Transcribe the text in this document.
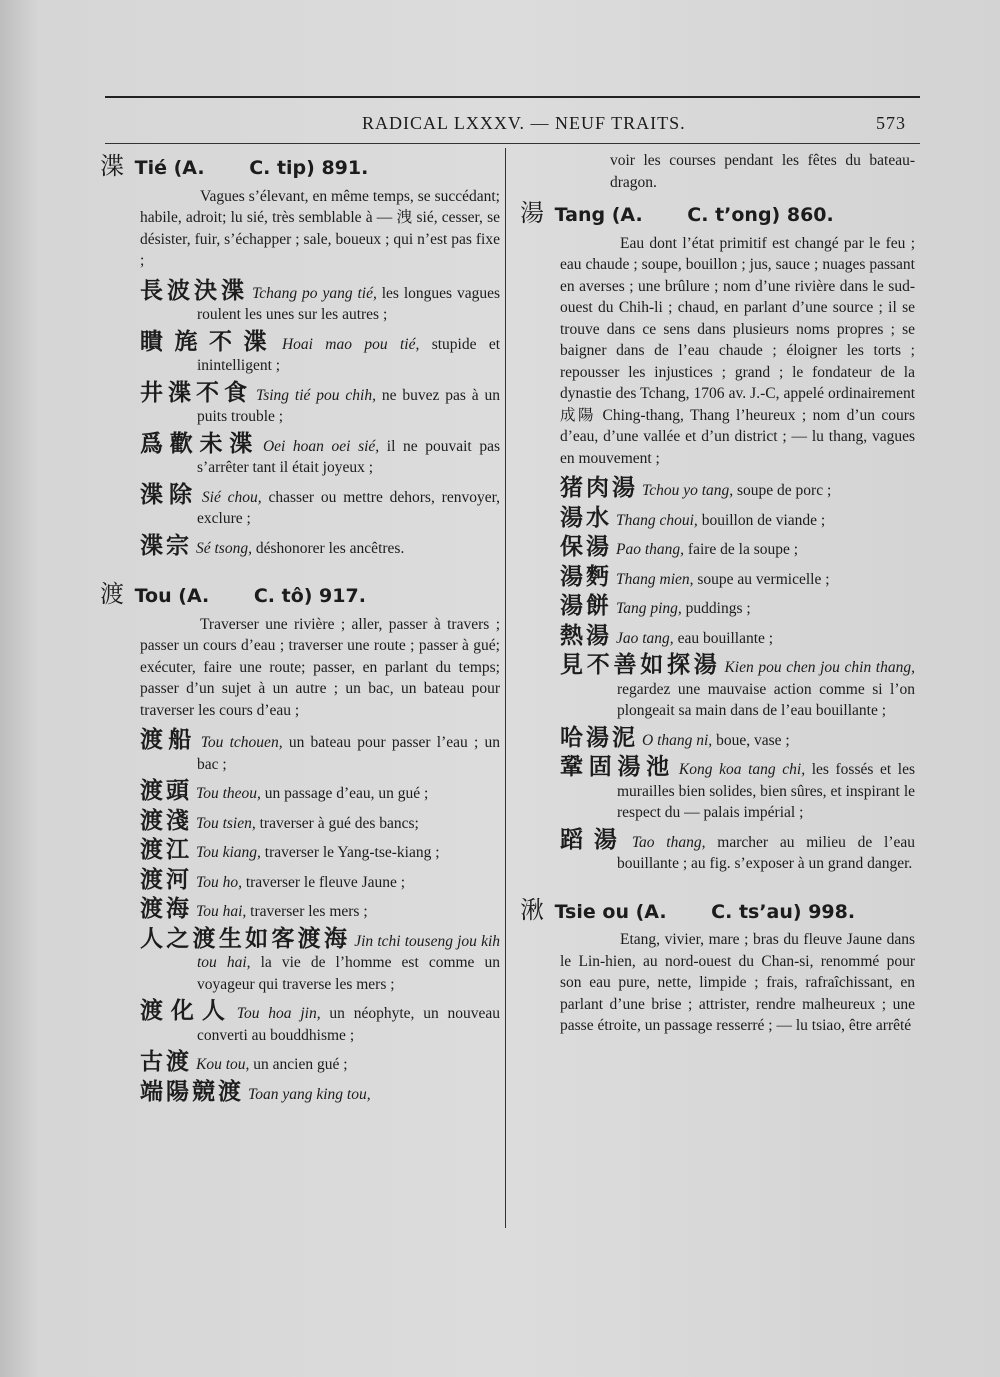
RADICAL LXXXV. — NEUF TRAITS.	573
渫 Tié (A. C. tip) 891.

Vagues s’élevant, en même temps, se succédant; habile, adroit; lu sié, très semblable à — 洩 sié, cesser, se désister, fuir, s’échapper ; sale, boueux ; qui n’est pas fixe ;

長波決渫 Tchang po yang tié, les longues vagues roulent les unes sur les autres ;

瞶旄不渫 Hoai mao pou tié, stupide et inintelligent ;

井渫不食 Tsing tié pou chih, ne buvez pas à un puits trouble ;

爲歡未渫 Oei hoan oei sié, il ne pouvait pas s’arrêter tant il était joyeux ;

渫除 Sié chou, chasser ou mettre dehors, renvoyer, exclure ;

渫宗 Sé tsong, déshonorer les ancêtres.

渡 Tou (A. C. tô) 917.

Traverser une rivière ; aller, passer à travers ; passer un cours d’eau ; traverser une route ; passer à gué; exécuter, faire une route; passer, en parlant du temps; passer d’un sujet à un autre ; un bac, un bateau pour traverser les cours d’eau ;

渡船 Tou tchouen, un bateau pour passer l’eau ; un bac ;

渡頭 Tou theou, un passage d’eau, un gué ;

渡淺 Tou tsien, traverser à gué des bancs;

渡江 Tou kiang, traverser le Yang-tse-kiang ;

渡河 Tou ho, traverser le fleuve Jaune ;

渡海 Tou hai, traverser les mers ;

人之渡生如客渡海 Jin tchi touseng jou kih tou hai, la vie de l’homme est comme un voyageur qui traverse les mers ;

渡化人 Tou hoa jin, un néophyte, un nouveau converti au bouddhisme ;

古渡 Kou tou, un ancien gué ;

端陽競渡 Toan yang king tou,

voir les courses pendant les fêtes du bateau-dragon.

湯 Tang (A. C. t’ong) 860.

Eau dont l’état primitif est changé par le feu ; eau chaude ; soupe, bouillon ; jus, sauce ; nuages passant en averses ; une brûlure ; nom d’une rivière dans le sud-ouest du Chih-li ; chaud, en parlant d’une source ; il se trouve dans ce sens dans plusieurs noms propres ; se baigner dans de l’eau chaude ; éloigner les torts ; repousser les injustices ; grand ; le fondateur de la dynastie des Tchang, 1706 av. J.-C, appelé ordinairement 成陽 Ching-thang, Thang l’heureux ; nom d’un cours d’eau, d’une vallée et d’un district ; — lu thang, vagues en mouvement ;

猪肉湯 Tchou yo tang, soupe de porc ;

湯水 Thang choui, bouillon de viande ;

保湯 Pao thang, faire de la soupe ;

湯麪 Thang mien, soupe au vermicelle ;

湯餅 Tang ping, puddings ;

熱湯 Jao tang, eau bouillante ;

見不善如探湯 Kien pou chen jou chin thang, regardez une mauvaise action comme si l’on plongeait sa main dans de l’eau bouillante ;

哈湯泥 O thang ni, boue, vase ;

鞏固湯池 Kong koa tang chi, les fossés et les murailles bien solides, bien sûres, et inspirant le respect du — palais impérial ;

蹈湯 Tao thang, marcher au milieu de l’eau bouillante ; au fig. s’exposer à un grand danger.

湫 Tsie ou (A. C. ts’au) 998.

Etang, vivier, mare ; bras du fleuve Jaune dans le Lin-hien, au nord-ouest du Chan-si, renommé pour son eau pure, nette, limpide ; frais, rafraîchissant, en parlant d’une brise ; attrister, rendre malheureux ; une passe étroite, un passage resserré ; — lu tsiao, être arrêté
